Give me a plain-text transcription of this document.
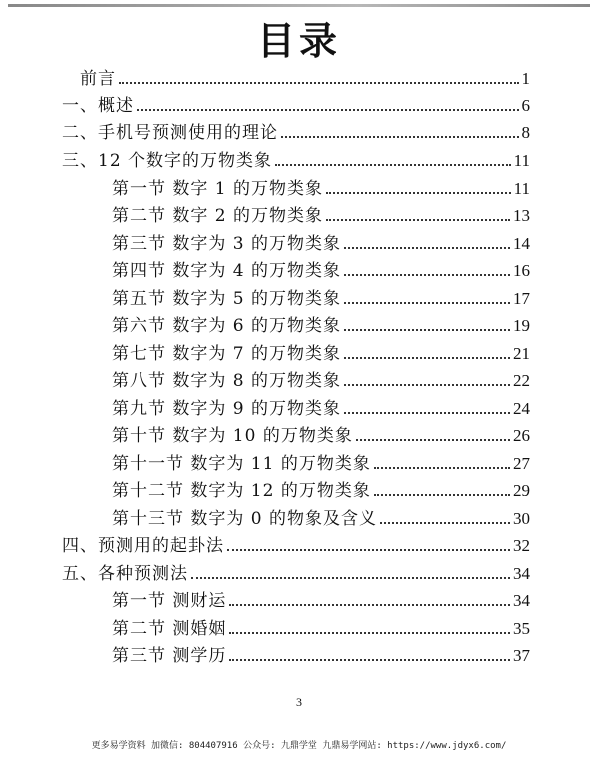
目录
前言	1
一、概述	6
二、手机号预测使用的理论	8
三、12 个数字的万物类象	11
第一节 数字 1 的万物类象	11
第二节 数字 2 的万物类象	13
第三节 数字为 3 的万物类象	14
第四节 数字为 4 的万物类象	16
第五节 数字为 5 的万物类象	17
第六节 数字为 6 的万物类象	19
第七节 数字为 7 的万物类象	21
第八节 数字为 8 的万物类象	22
第九节 数字为 9 的万物类象	24
第十节 数字为 10 的万物类象	26
第十一节 数字为 11 的万物类象	27
第十二节 数字为 12 的万物类象	29
第十三节 数字为 0 的物象及含义	30
四、预测用的起卦法	32
五、各种预测法	34
第一节 测财运	34
第二节 测婚姻	35
第三节 测学历	37
3
更多易学资料 加微信: 804407916 公众号: 九鼎学堂 九鼎易学网站: https://www.jdyx6.com/
